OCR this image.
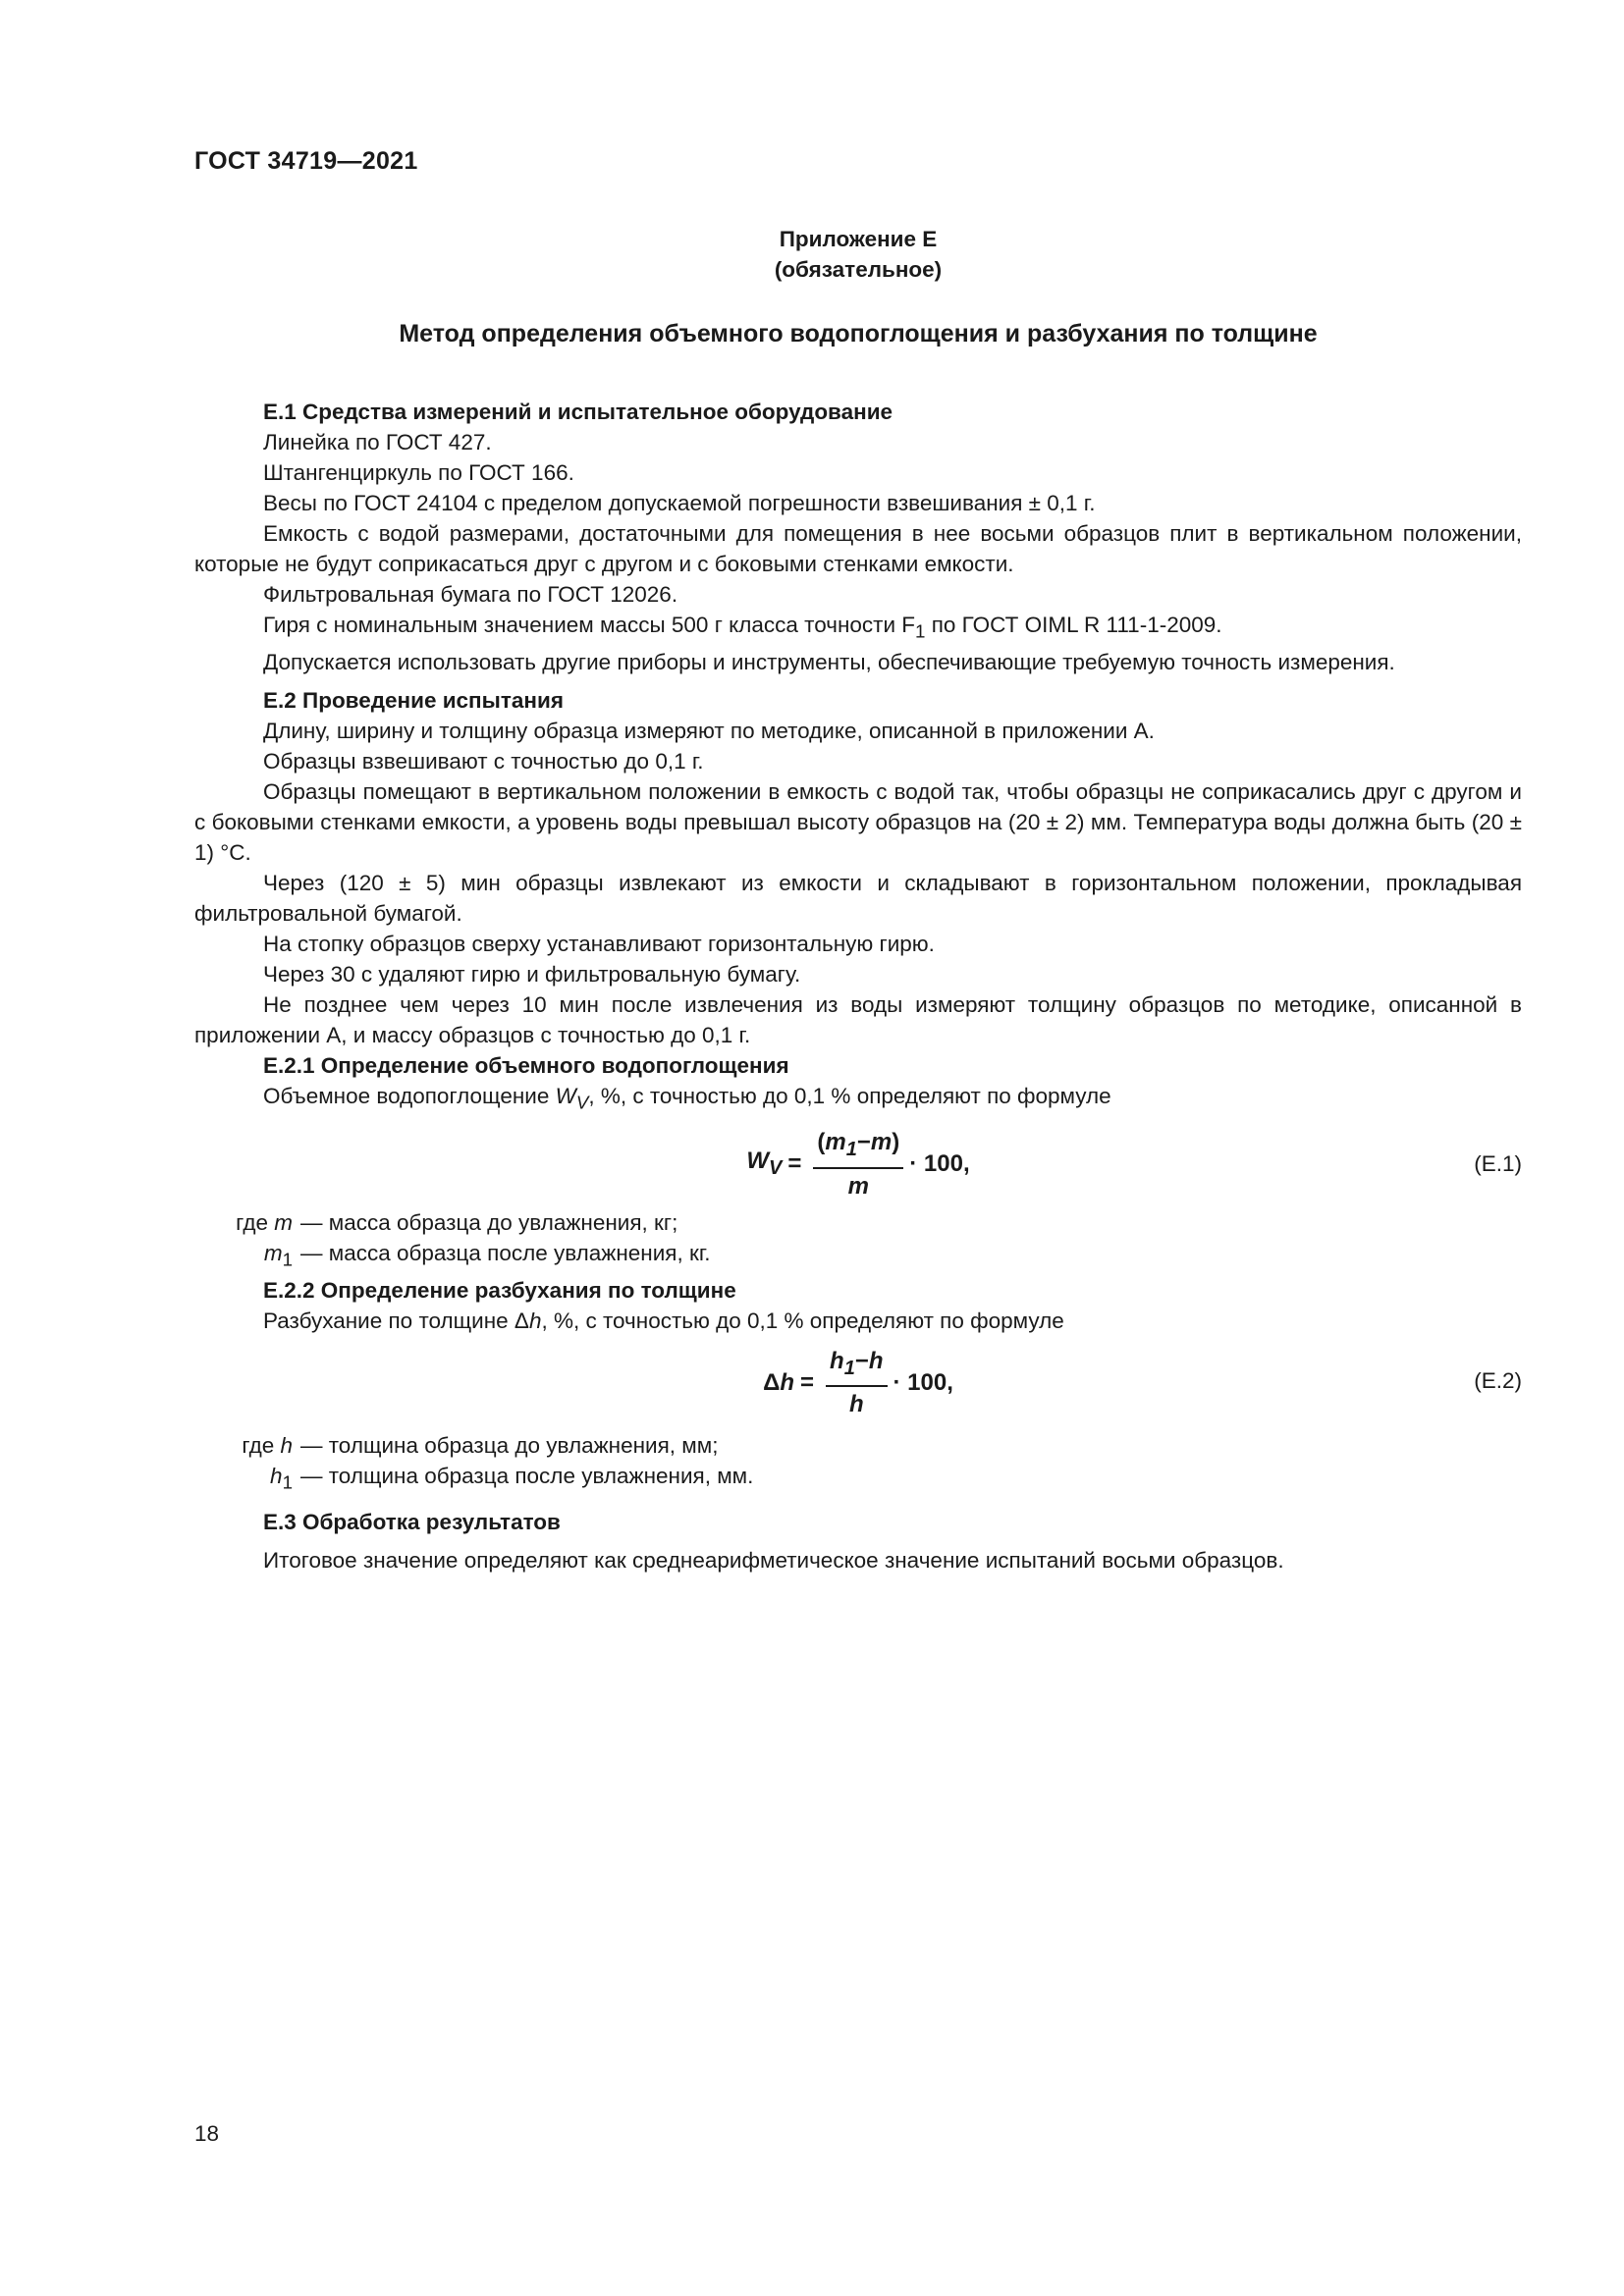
ГОСТ 34719—2021
Приложение Е
(обязательное)
Метод определения объемного водопоглощения и разбухания по толщине

Е.1 Средства измерений и испытательное оборудование

Линейка по ГОСТ 427.

Штангенциркуль по ГОСТ 166.

Весы по ГОСТ 24104 с пределом допускаемой погрешности взвешивания ± 0,1 г.

Емкость с водой размерами, достаточными для помещения в нее восьми образцов плит в вертикальном положении, которые не будут соприкасаться друг с другом и с боковыми стенками емкости.

Фильтровальная бумага по ГОСТ 12026.

Гиря с номинальным значением массы 500 г класса точности $F_1$ по ГОСТ OIML R 111-1-2009.

Допускается использовать другие приборы и инструменты, обеспечивающие требуемую точность измерения.

Е.2 Проведение испытания

Длину, ширину и толщину образца измеряют по методике, описанной в приложении А.

Образцы взвешивают с точностью до 0,1 г.

Образцы помещают в вертикальном положении в емкость с водой так, чтобы образцы не соприкасались друг с другом и с боковыми стенками емкости, а уровень воды превышал высоту образцов на (20 ± 2) мм. Температура воды должна быть (20 ± 1) °С.

Через (120 ± 5) мин образцы извлекают из емкости и складывают в горизонтальном положении, прокладывая фильтровальной бумагой.

На стопку образцов сверху устанавливают горизонтальную гирю.

Через 30 с удаляют гирю и фильтровальную бумагу.

Не позднее чем через 10 мин после извлечения из воды измеряют толщину образцов по методике, описанной в приложении А, и массу образцов с точностью до 0,1 г.

Е.2.1 Определение объемного водопоглощения

Объемное водопоглощение $W_V$, %, с точностью до 0,1 % определяют по формуле

$W_V = \frac{(m_1-m)}{m} \cdot 100$,	(Е.1)
где m — масса образца до увлажнения, кг;
$m_1$ — масса образца после увлажнения, кг.

Е.2.2 Определение разбухания по толщине

Разбухание по толщине Δh, %, с точностью до 0,1 % определяют по формуле

$\Delta h = \frac{h_1-h}{h} \cdot 100$,	(Е.2)
где h — толщина образца до увлажнения, мм;
$h_1$ — толщина образца после увлажнения, мм.

Е.3 Обработка результатов

Итоговое значение определяют как среднеарифметическое значение испытаний восьми образцов.

18
